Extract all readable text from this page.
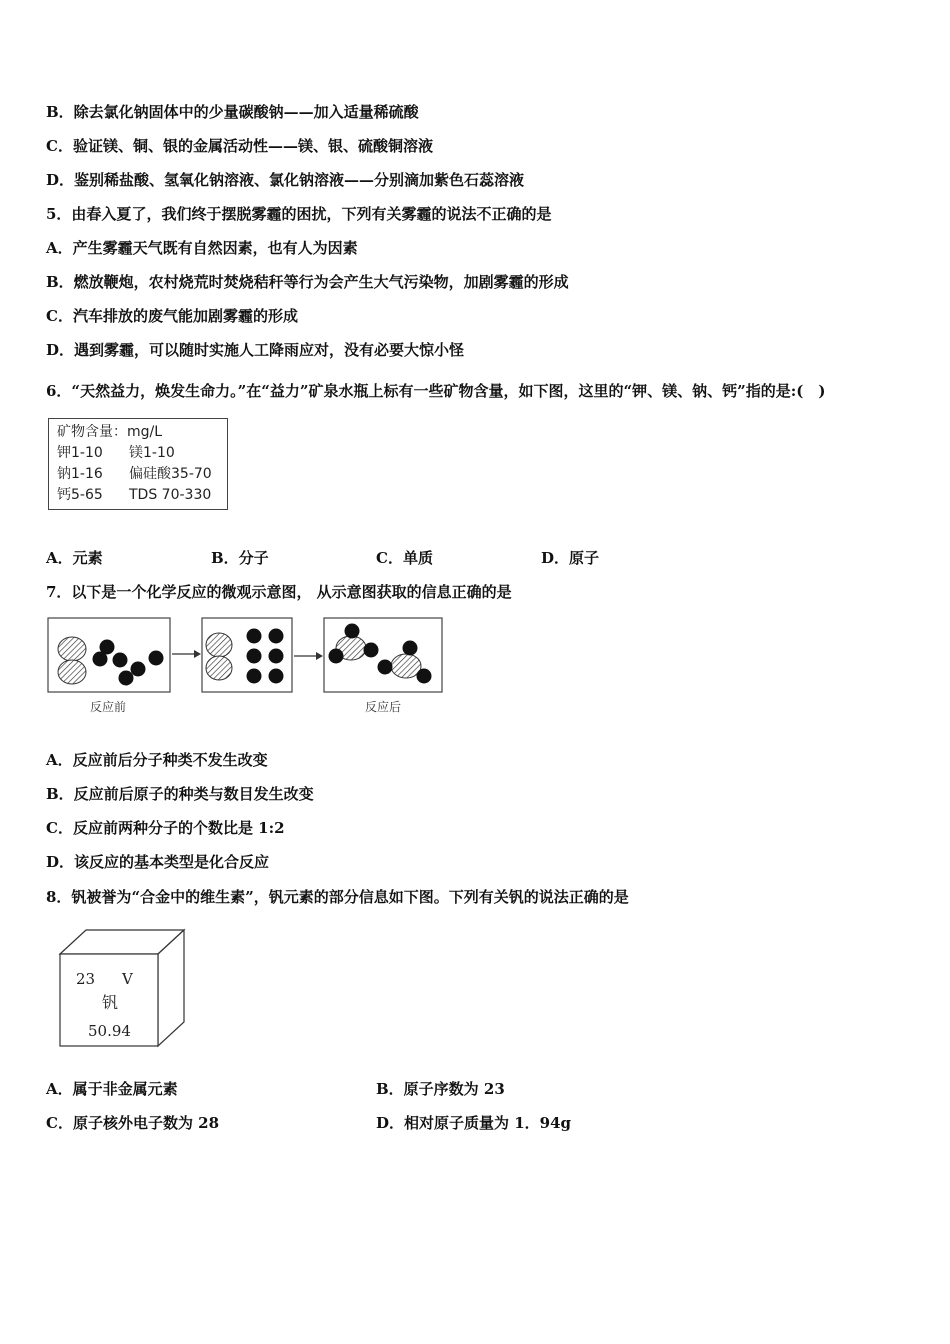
B．除去氯化钠固体中的少量碳酸钠——加入适量稀硫酸
C．验证镁、铜、银的金属活动性——镁、银、硫酸铜溶液
D．鉴别稀盐酸、氢氧化钠溶液、氯化钠溶液——分别滴加紫色石蕊溶液
5．由春入夏了，我们终于摆脱雾霾的困扰，下列有关雾霾的说法不正确的是
A．产生雾霾天气既有自然因素，也有人为因素
B．燃放鞭炮，农村烧荒时焚烧秸秆等行为会产生大气污染物，加剧雾霾的形成
C．汽车排放的废气能加剧雾霾的形成
D．遇到雾霾，可以随时实施人工降雨应对，没有必要大惊小怪
6．“天然益力，焕发生命力。”在“益力”矿泉水瓶上标有一些矿物含量，如下图，这里的“钾、镁、钠、钙”指的是:(　)
矿物含量：mg/L
钾1-10 镁1-10
钠1-16 偏硅酸35-70
钙5-65 TDS 70-330
A．元素	B．分子	C．单质	D．原子
7．以下是一个化学反应的微观示意图， 从示意图获取的信息正确的是
反应前	反应后
A．反应前后分子种类不发生改变
B．反应前后原子的种类与数目发生改变
C．反应前两种分子的个数比是 1:2
D．该反应的基本类型是化合反应
8．钒被誉为“合金中的维生素”，钒元素的部分信息如下图。下列有关钒的说法正确的是
23 V
钒
50.94
A．属于非金属元素	B．原子序数为 23
C．原子核外电子数为 28	D．相对原子质量为 1．94g
